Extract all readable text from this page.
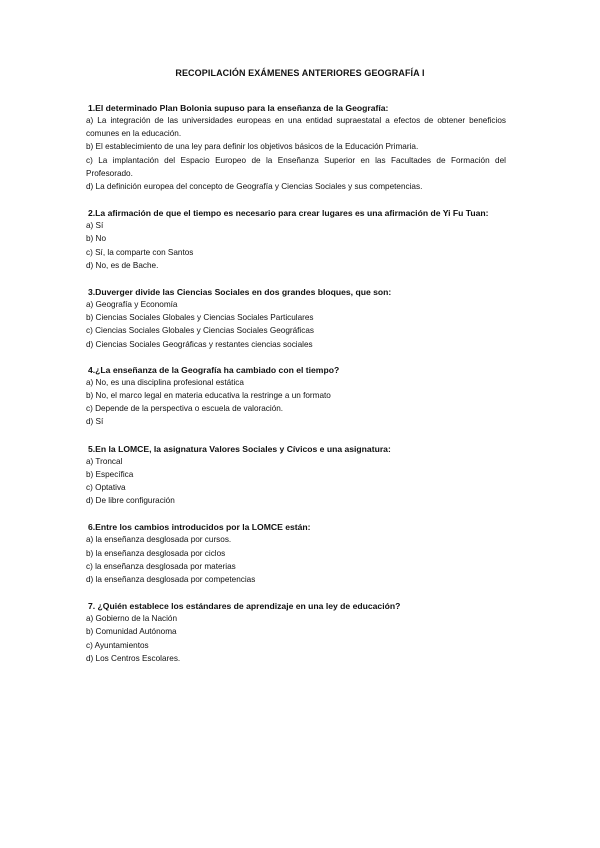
RECOPILACIÓN EXÁMENES ANTERIORES GEOGRAFÍA I
1.El determinado Plan Bolonia supuso para la enseñanza de la Geografía:
a) La integración de las universidades europeas en una entidad supraestatal a efectos de obtener beneficios comunes en la educación.
b) El establecimiento de una ley para definir los objetivos básicos de la Educación Primaria.
c) La implantación del Espacio Europeo de la Enseñanza Superior en las Facultades de Formación del Profesorado.
d) La definición europea del concepto de Geografía y Ciencias Sociales y sus competencias.
2.La afirmación de que el tiempo es necesario para crear lugares es una afirmación de Yi Fu Tuan:
a) Sí
b) No
c) Sí, la comparte con Santos
d) No, es de Bache.
3.Duverger divide las Ciencias Sociales en dos grandes bloques, que son:
a) Geografía y Economía
b) Ciencias Sociales Globales y Ciencias Sociales Particulares
c) Ciencias Sociales Globales y Ciencias Sociales Geográficas
d) Ciencias Sociales Geográficas y restantes ciencias sociales
4.¿La enseñanza de la Geografía ha cambiado con el tiempo?
a) No, es una disciplina profesional estática
b) No, el marco legal en materia educativa la restringe a un formato
c) Depende de la perspectiva o escuela de valoración.
d) Sí
5.En la LOMCE, la asignatura Valores Sociales y Cívicos e una asignatura:
a) Troncal
b) Específica
c) Optativa
d) De libre configuración
6.Entre los cambios introducidos por la LOMCE están:
a) la enseñanza desglosada por cursos.
b) la enseñanza desglosada por ciclos
c) la enseñanza desglosada por materias
d) la enseñanza desglosada por competencias
7. ¿Quién establece los estándares de aprendizaje en una ley de educación?
a) Gobierno de la Nación
b) Comunidad Autónoma
c) Ayuntamientos
d) Los Centros Escolares.
